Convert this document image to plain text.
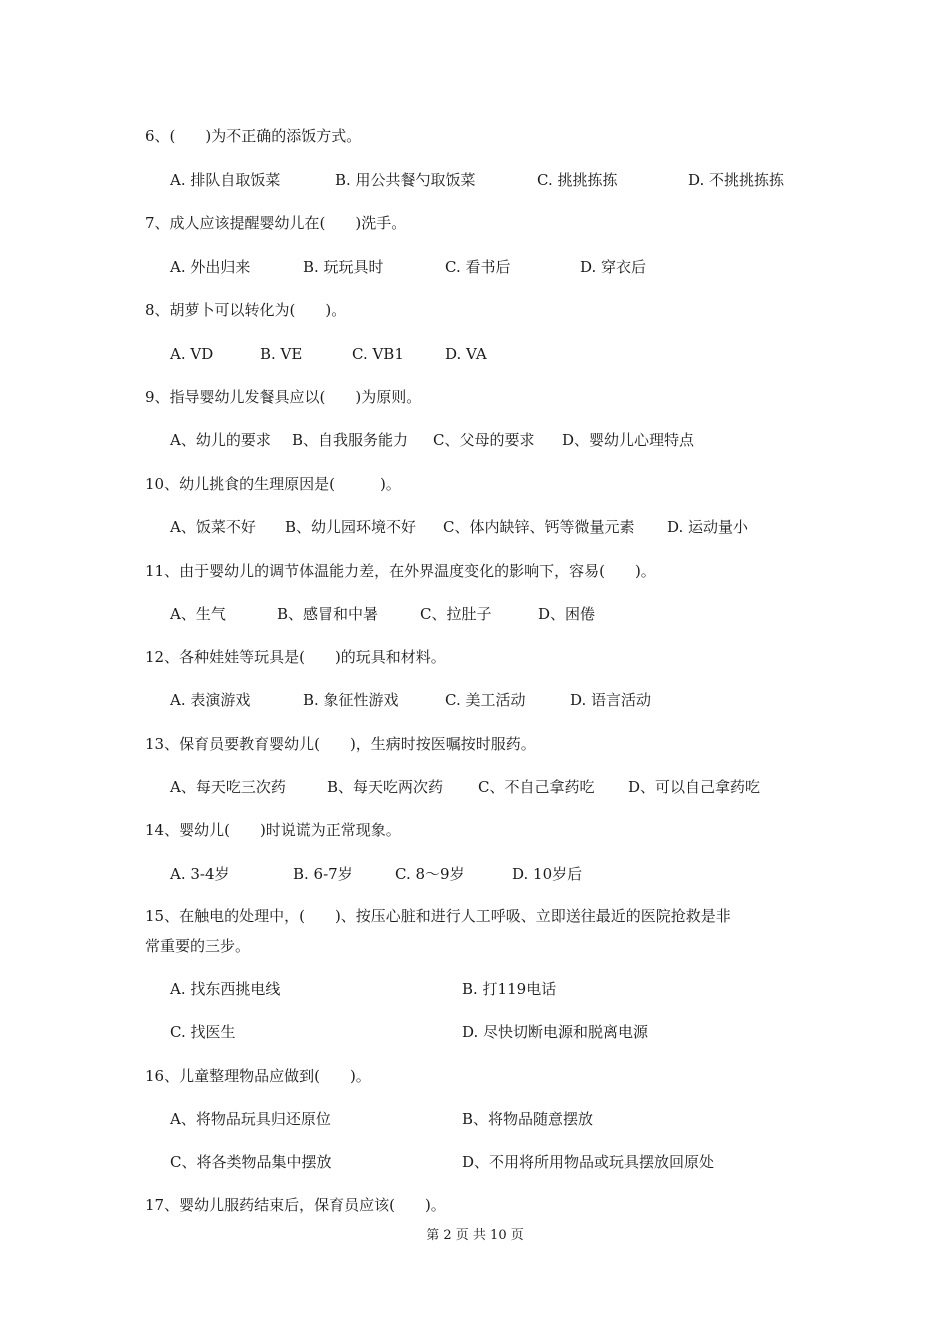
6、(　　)为不正确的添饭方式。
A. 排队自取饭菜	B. 用公共餐勺取饭菜	C. 挑挑拣拣	D. 不挑挑拣拣
7、成人应该提醒婴幼儿在(　　)洗手。
A. 外出归来	B. 玩玩具时	C. 看书后	D. 穿衣后
8、胡萝卜可以转化为(　　)。
A. VD	B. VE	C. VB1	D. VA
9、指导婴幼儿发餐具应以(　　)为原则。
A、幼儿的要求 B、自我服务能力 C、父母的要求 D、婴幼儿心理特点
10、幼儿挑食的生理原因是(　　　)。
A、饭菜不好 B、幼儿园环境不好 C、体内缺锌、钙等微量元素 D. 运动量小
11、由于婴幼儿的调节体温能力差，在外界温度变化的影响下，容易(　　)。
A、生气	B、感冒和中暑	C、拉肚子	D、困倦
12、各种娃娃等玩具是(　　)的玩具和材料。
A. 表演游戏	B. 象征性游戏	C. 美工活动	D. 语言活动
13、保育员要教育婴幼儿(　　)，生病时按医嘱按时服药。
A、每天吃三次药	B、每天吃两次药 C、不自己拿药吃 D、可以自己拿药吃
14、婴幼儿(　　)时说谎为正常现象。
A. 3-4岁	B. 6-7岁	C. 8～9岁	D. 10岁后
15、在触电的处理中，(　　)、按压心脏和进行人工呼吸、立即送往最近的医院抢救是非
常重要的三步。
A. 找东西挑电线	B. 打119电话
C. 找医生	D. 尽快切断电源和脱离电源
16、儿童整理物品应做到(　　)。
A、将物品玩具归还原位	B、将物品随意摆放
C、将各类物品集中摆放	D、不用将所用物品或玩具摆放回原处
17、婴幼儿服药结束后，保育员应该(　　)。
第 2 页 共 10 页
